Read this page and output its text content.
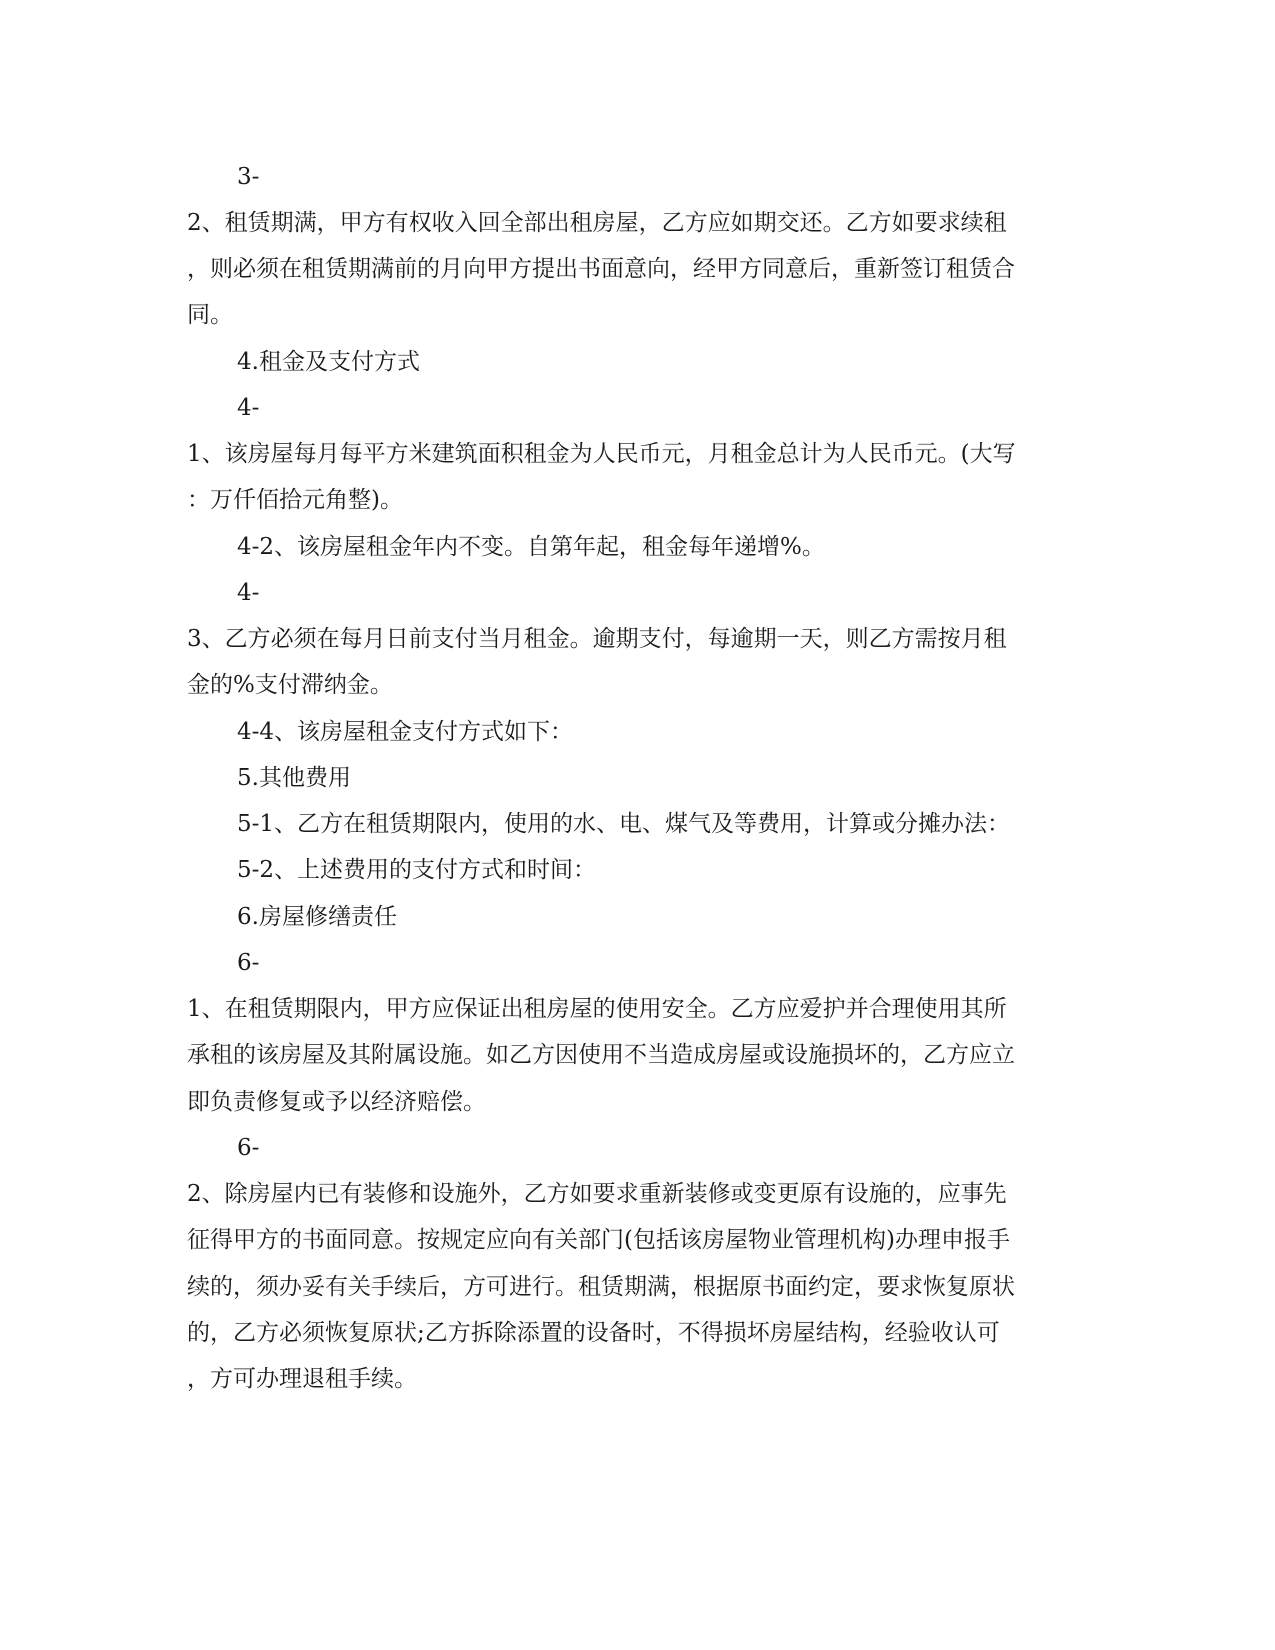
3-
2、租赁期满，甲方有权收入回全部出租房屋，乙方应如期交还。乙方如要求续租
，则必须在租赁期满前的月向甲方提出书面意向，经甲方同意后，重新签订租赁合
同。
4.租金及支付方式
4-
1、该房屋每月每平方米建筑面积租金为人民币元，月租金总计为人民币元。(大写
：万仟佰拾元角整)。
4-2、该房屋租金年内不变。自第年起，租金每年递增%。
4-
3、乙方必须在每月日前支付当月租金。逾期支付，每逾期一天，则乙方需按月租
金的%支付滞纳金。
4-4、该房屋租金支付方式如下：
5.其他费用
5-1、乙方在租赁期限内，使用的水、电、煤气及等费用，计算或分摊办法：
5-2、上述费用的支付方式和时间：
6.房屋修缮责任
6-
1、在租赁期限内，甲方应保证出租房屋的使用安全。乙方应爱护并合理使用其所
承租的该房屋及其附属设施。如乙方因使用不当造成房屋或设施损坏的，乙方应立
即负责修复或予以经济赔偿。
6-
2、除房屋内已有装修和设施外，乙方如要求重新装修或变更原有设施的，应事先
征得甲方的书面同意。按规定应向有关部门(包括该房屋物业管理机构)办理申报手
续的，须办妥有关手续后，方可进行。租赁期满，根据原书面约定，要求恢复原状
的，乙方必须恢复原状;乙方拆除添置的设备时，不得损坏房屋结构，经验收认可
，方可办理退租手续。
